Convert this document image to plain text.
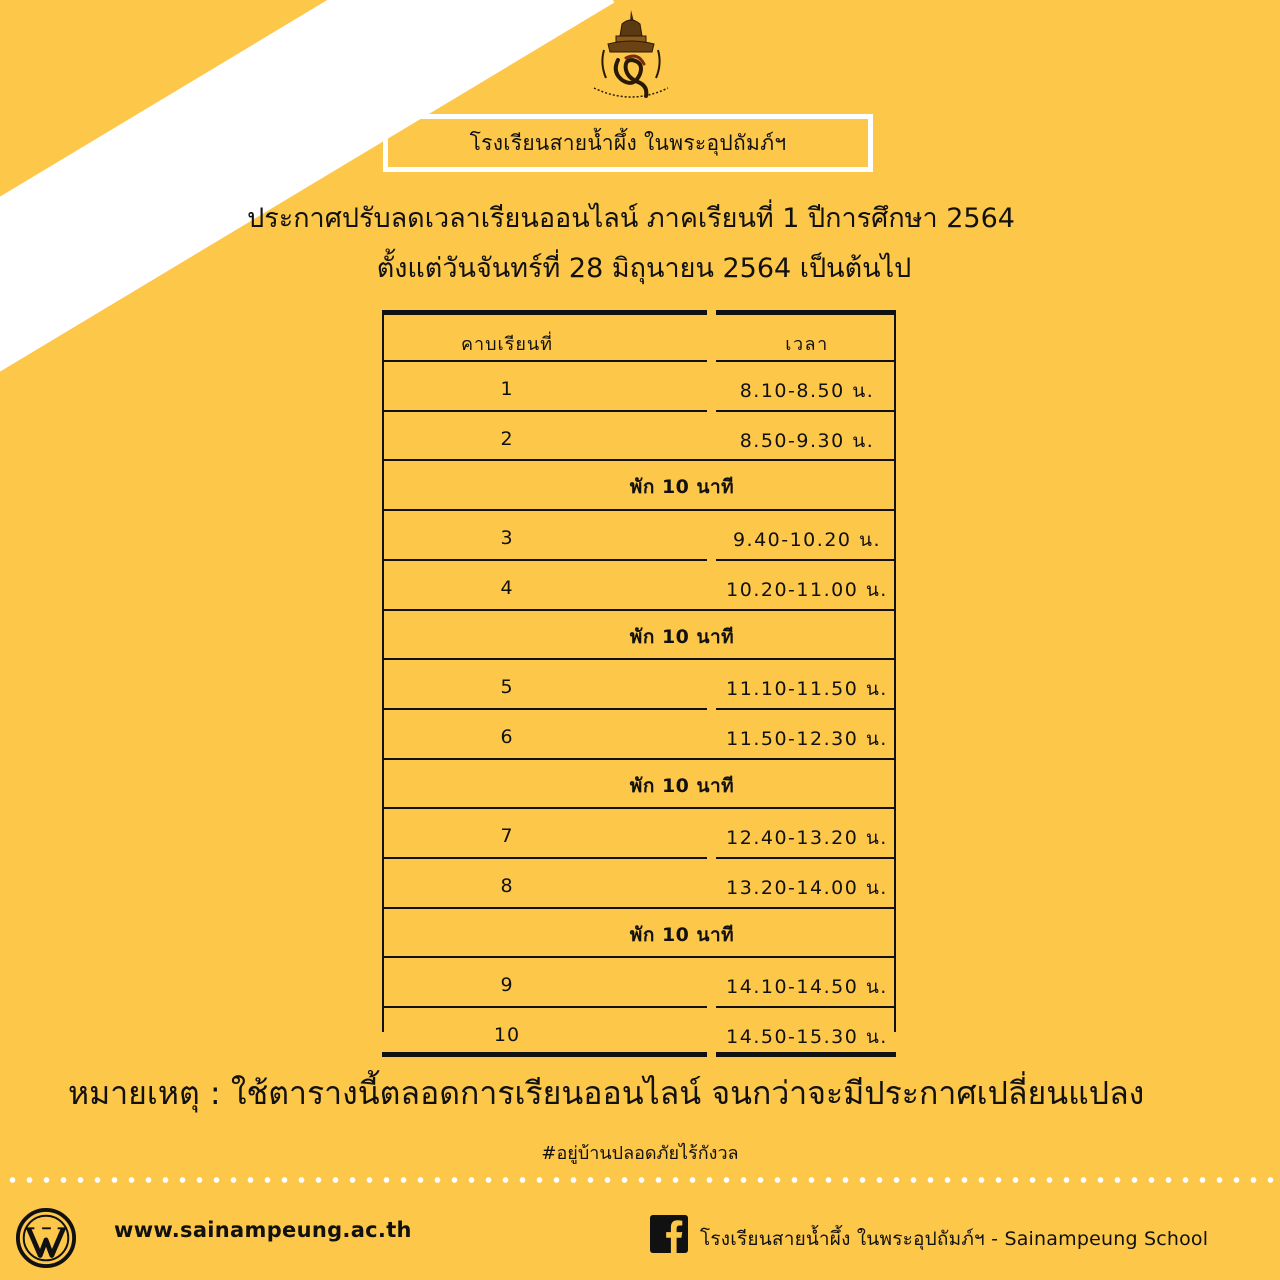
โรงเรียนสายน้ำผึ้ง ในพระอุปถัมภ์ฯ
ประกาศปรับลดเวลาเรียนออนไลน์ ภาคเรียนที่ 1 ปีการศึกษา 2564
ตั้งแต่วันจันทร์ที่ 28 มิถุนายน 2564 เป็นต้นไป
คาบเรียนที่	เวลา
1	8.10-8.50 น.
2	8.50-9.30 น.
พัก 10 นาที
3	9.40-10.20 น.
4	10.20-11.00 น.
พัก 10 นาที
5	11.10-11.50 น.
6	11.50-12.30 น.
พัก 10 นาที
7	12.40-13.20 น.
8	13.20-14.00 น.
พัก 10 นาที
9	14.10-14.50 น.
10	14.50-15.30 น.
หมายเหตุ : ใช้ตารางนี้ตลอดการเรียนออนไลน์ จนกว่าจะมีประกาศเปลี่ยนแปลง
#อยู่บ้านปลอดภัยไร้กังวล
www.sainampeung.ac.th	โรงเรียนสายน้ำผึ้ง ในพระอุปถัมภ์ฯ - Sainampeung School
